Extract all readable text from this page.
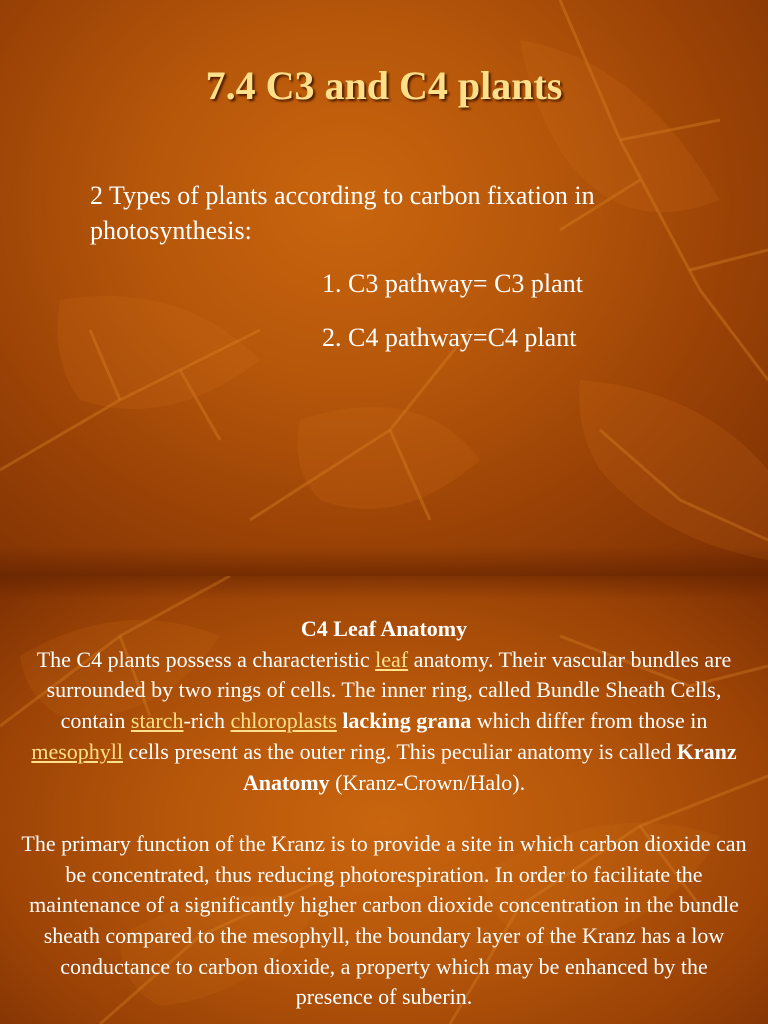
7.4 C3 and C4 plants
2 Types of plants according to carbon fixation in photosynthesis:
1. C3 pathway= C3 plant
2. C4 pathway=C4 plant

C4 Leaf Anatomy

The C4 plants possess a characteristic leaf anatomy. Their vascular bundles are surrounded by two rings of cells. The inner ring, called Bundle Sheath Cells, contain starch-rich chloroplasts lacking grana which differ from those in mesophyll cells present as the outer ring. This peculiar anatomy is called Kranz Anatomy (Kranz-Crown/Halo).

The primary function of the Kranz is to provide a site in which carbon dioxide can be concentrated, thus reducing photorespiration. In order to facilitate the maintenance of a significantly higher carbon dioxide concentration in the bundle sheath compared to the mesophyll, the boundary layer of the Kranz has a low conductance to carbon dioxide, a property which may be enhanced by the presence of suberin.
